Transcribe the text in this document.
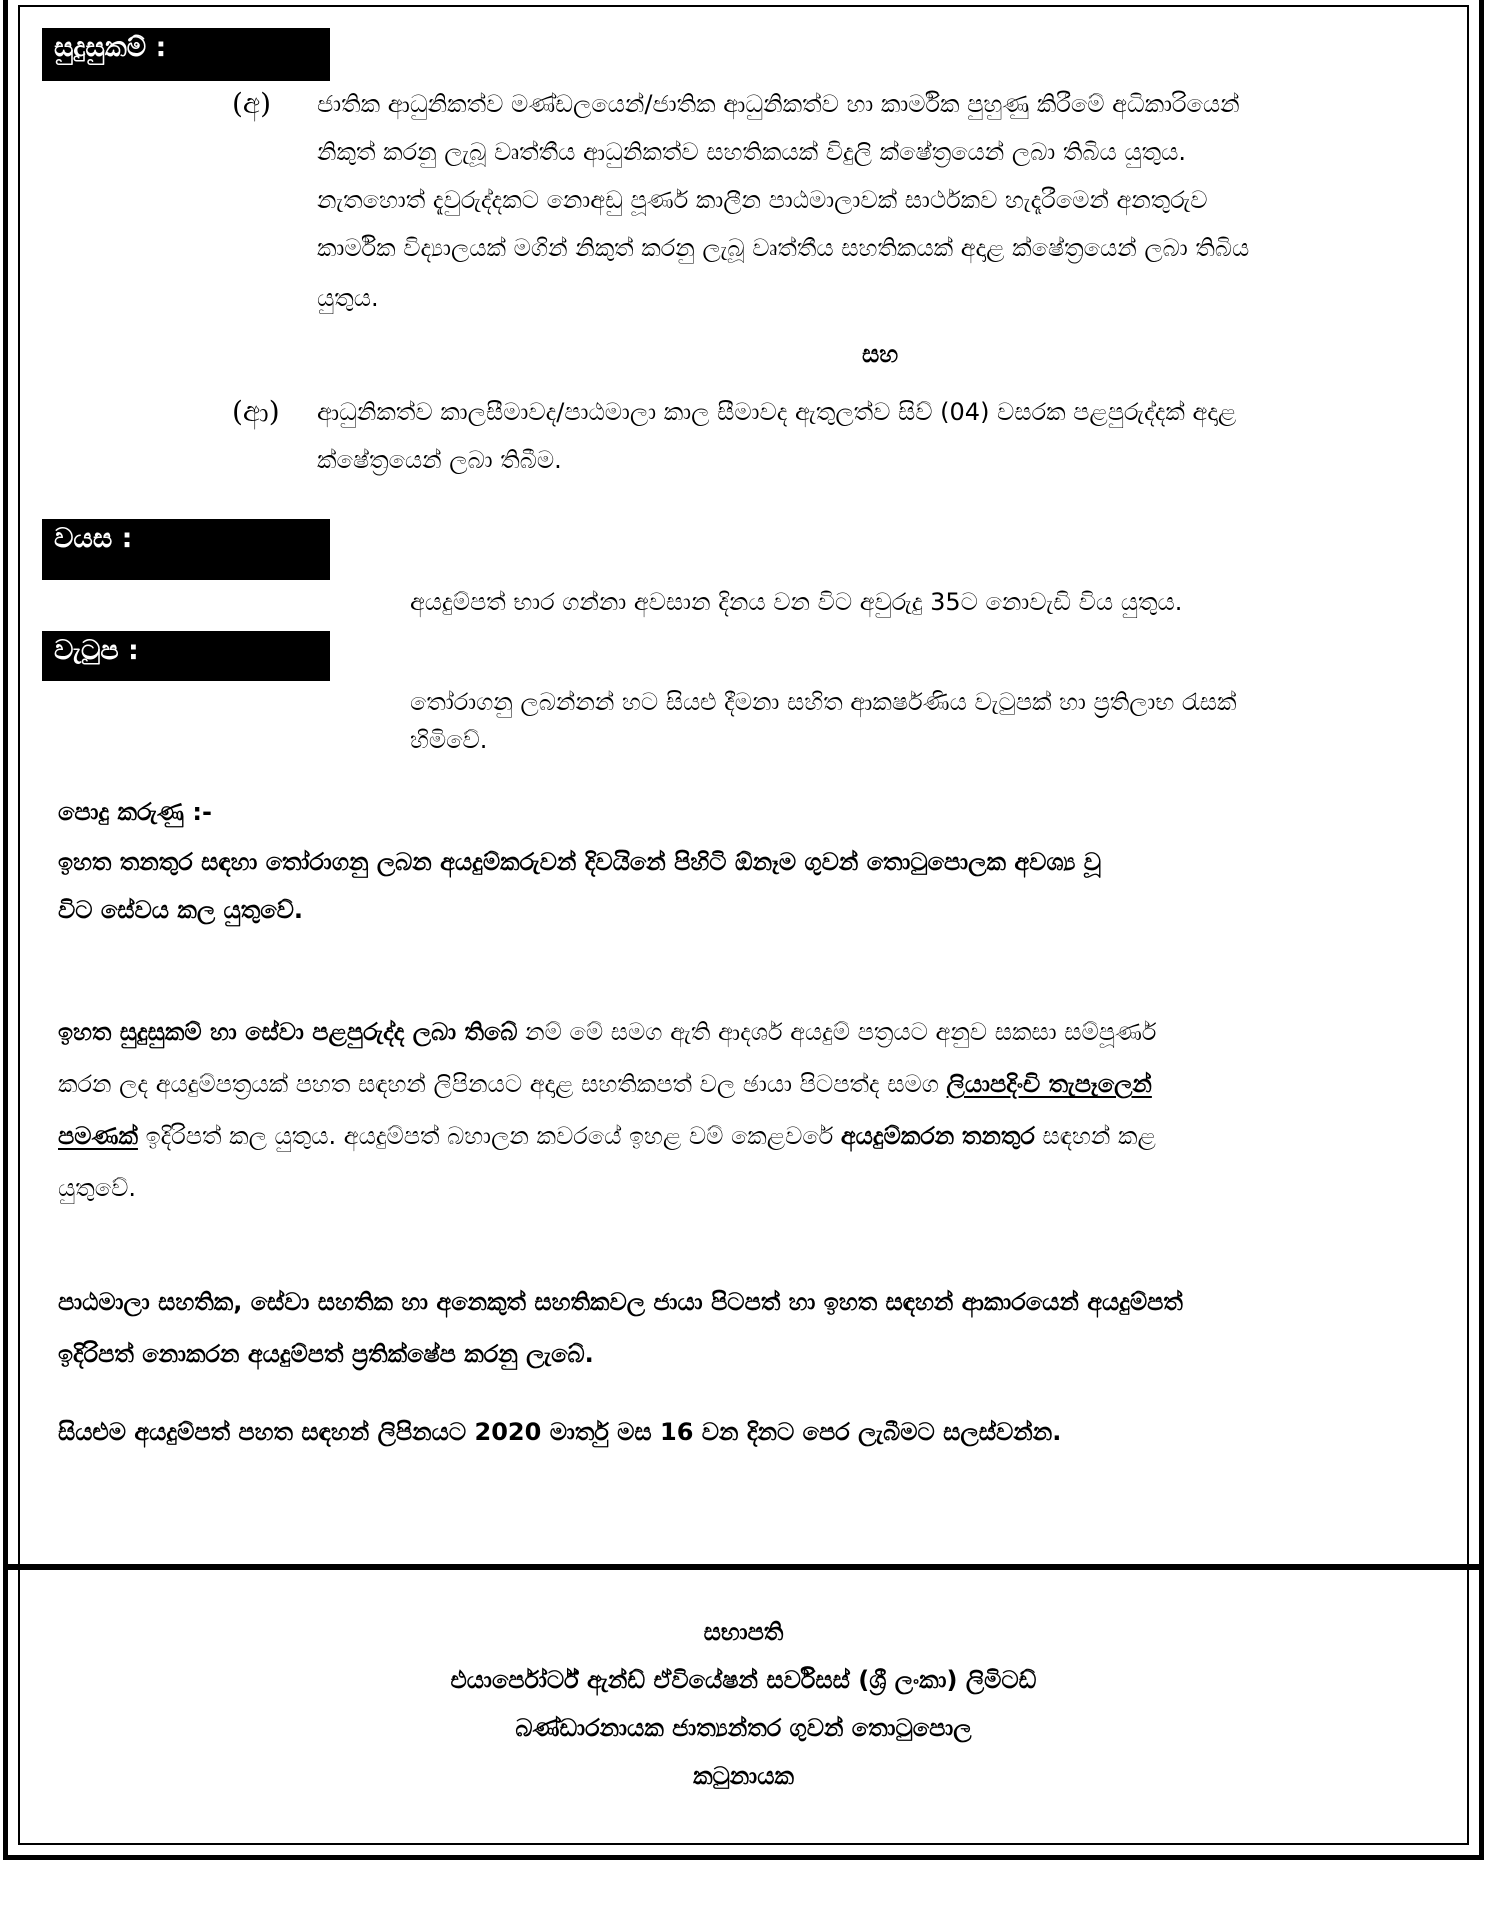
සුදුසුකම් :
(අ) ජාතික ආධුනිකත්ව මණ්ඩලයෙන්/ජාතික ආධුනිකත්ව හා කාර්මික පුහුණු කිරීමේ අධිකාරියෙන්
නිකුත් කරනු ලැබූ වෘත්තීය ආධුනිකත්ව සහතිකයක් විදුලි ක්ෂේත්‍රයෙන් ලබා තිබිය යුතුය.
නැතහොත් දැවුරුද්දකට නොඅඩු පූර්ණ කාලීන පාඨමාලාවක් සාර්ථකව හැදෑරීමෙන් අනතුරුව
කාර්මික විද්‍යාලයක් මගින් නිකුත් කරනු ලැබූ වෘත්තීය සහතිකයක් අදාළ ක්ෂේත්‍රයෙන් ලබා තිබිය
යුතුය.
සහ
(ආ) ආධුනිකත්ව කාලසීමාවද/පාඨමාලා කාල සීමාවද ඇතුලත්ව සිව් (04) වසරක පළපුරුද්දක් අදාළ
ක්ෂේත්‍රයෙන් ලබා තිබීම.
වයස :
අයදුම්පත් භාර ගන්නා අවසාන දිනය වන විට අවුරුදු 35ට නොවැඩි විය යුතුය.
වැටුප :
තෝරාගනු ලබන්නන් හට සියළු දීමනා සහිත ආකර්ෂණිය වැටුපක් හා ප්‍රතිලාභ රැසක්
හිමිවේ.
පොදු කරුණු :-
ඉහත තනතුර සඳහා තෝරාගනු ලබන අයදුම්කරුවන් දිවයිනේ පිහිටි ඕනෑම ගුවන් තොටුපොලක අවශ්‍ය වූ
විට සේවය කල යුතුවේ.
ඉහත සුදුසුකම් හා සේවා පළපුරුද්ද ලබා තිබේ නම් මේ සමග ඇති ආදර්ශ අයදුම් පත්‍රයට අනුව සකසා සම්පූර්ණ
කරන ලද අයදුම්පත්‍රයක් පහත සඳහන් ලිපිනයට අදාළ සහතිකපත් වල ඡායා පිටපත්ද සමග ලියාපදිංචි තැපෑලෙන්
පමණක් ඉදිරිපත් කල යුතුය. අයදුම්පත් බහාලන කවරයේ ඉහළ වම් කෙළවරේ අයදුම්කරන තනතුර සඳහන් කළ
යුතුවේ.
පාඨමාලා සහතික, සේවා සහතික හා අනෙකුත් සහතිකවල ජායා පිටපත් හා ඉහත සඳහන් ආකාරයෙන් අයදුම්පත්
ඉදිරිපත් නොකරන අයදුම්පත් ප්‍රතික්ෂේප කරනු ලැබේ.
සියළුම අයදුම්පත් පහත සඳහන් ලිපිනයට 2020 මාර්තු මස 16 වන දිනට පෙර ලැබීමට සලස්වන්න.
සභාපති
එයාර්පෝර්ට් ඇන්ඩ් ඒවියේෂන් සර්විසස් (ශ්‍රී ලංකා) ලිමිටඩ්
බණ්ඩාරනායක ජාත්‍යන්තර ගුවන් තොටුපොල
කටුනායක
